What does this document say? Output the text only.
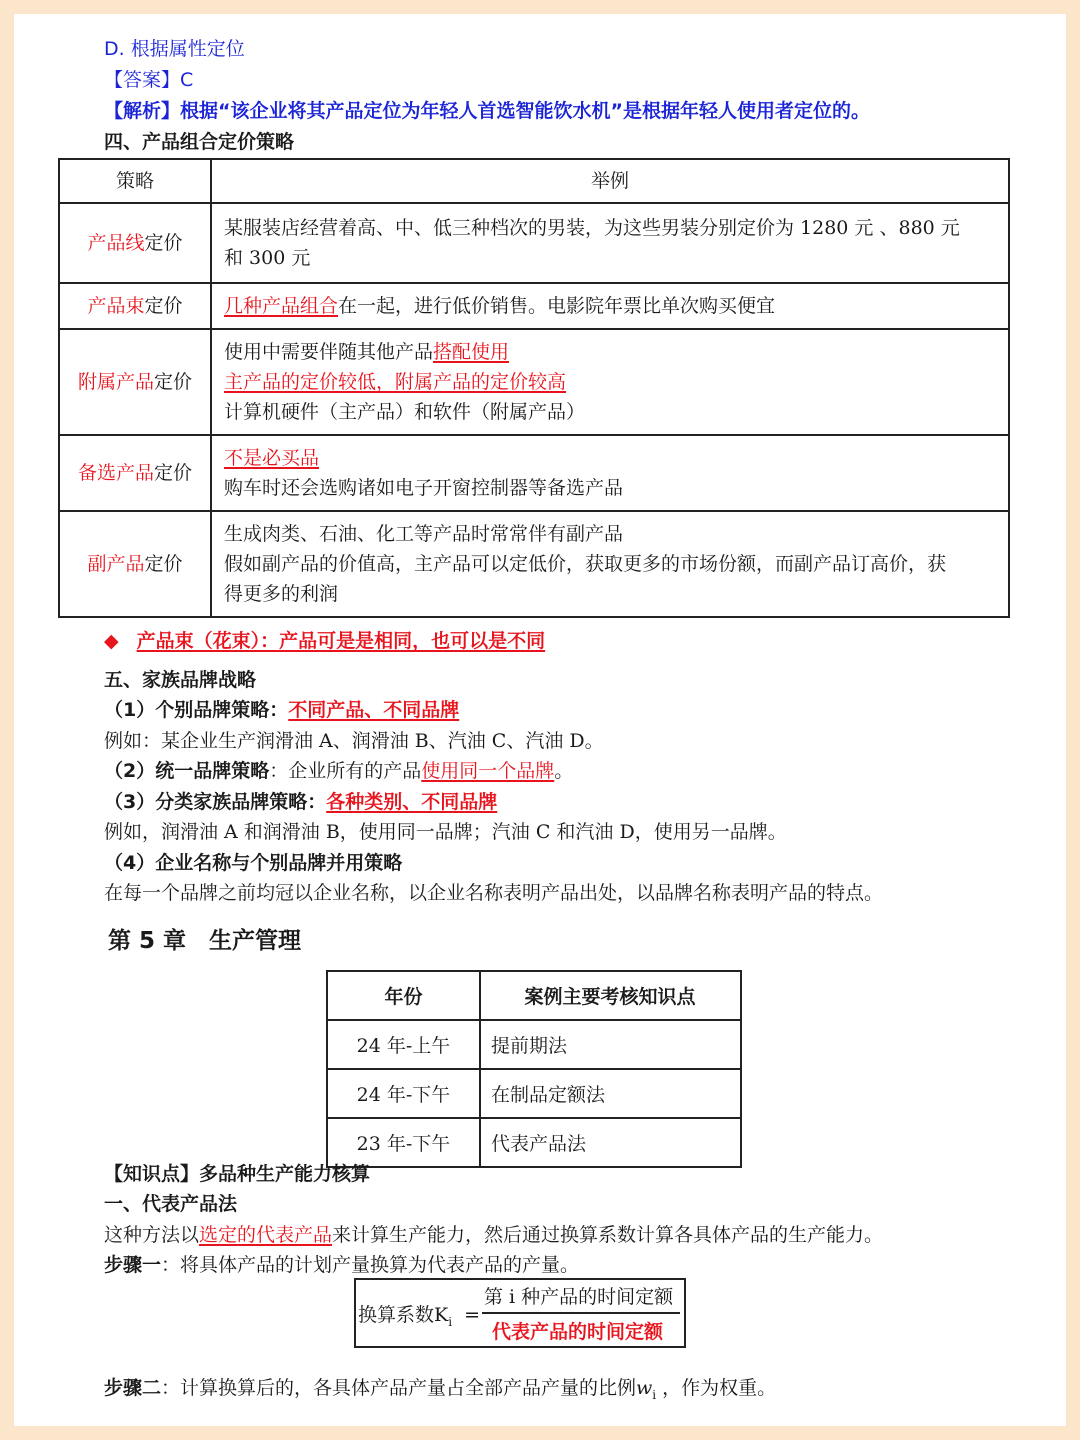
D. 根据属性定位
【答案】C
【解析】根据“该企业将其产品定位为年轻人首选智能饮水机”是根据年轻人使用者定位的。
四、产品组合定价策略
策略	举例
产品线定价	某服装店经营着高、中、低三种档次的男装，为这些男装分别定价为 1280 元 、880 元
和 300 元

产品束定价	几种产品组合在一起，进行低价销售。电影院年票比单次购买便宜

附属产品定价	使用中需要伴随其他产品搭配使用
主产品的定价较低，附属产品的定价较高
计算机硬件（主产品）和软件（附属产品）

备选产品定价	不是必买品
购车时还会选购诸如电子开窗控制器等备选产品

副产品定价	生成肉类、石油、化工等产品时常常伴有副产品
假如副产品的价值高，主产品可以定低价，获取更多的市场份额，而副产品订高价，获
得更多的利润
◆ 产品束（花束）：产品可是是相同，也可以是不同
五、家族品牌战略
（1）个别品牌策略：不同产品、不同品牌
例如：某企业生产润滑油 A、润滑油 B、汽油 C、汽油 D。
（2）统一品牌策略：企业所有的产品使用同一个品牌。
（3）分类家族品牌策略：各种类别、不同品牌
例如，润滑油 A 和润滑油 B，使用同一品牌；汽油 C 和汽油 D，使用另一品牌。
（4）企业名称与个别品牌并用策略
在每一个品牌之前均冠以企业名称，以企业名称表明产品出处，以品牌名称表明产品的特点。
第 5 章　生产管理
年份	案例主要考核知识点
24 年-上午	提前期法
24 年-下午	在制品定额法
23 年-下午	代表产品法
【知识点】多品种生产能力核算
一、代表产品法
这种方法以选定的代表产品来计算生产能力，然后通过换算系数计算各具体产品的生产能力。
步骤一：将具体产品的计划产量换算为代表产品的产量。
换算系数$K_i$ =
第 i 种产品的时间定额
代表产品的时间定额
步骤二：计算换算后的，各具体产品产量占全部产品产量的比例$w_i$ ，作为权重。
